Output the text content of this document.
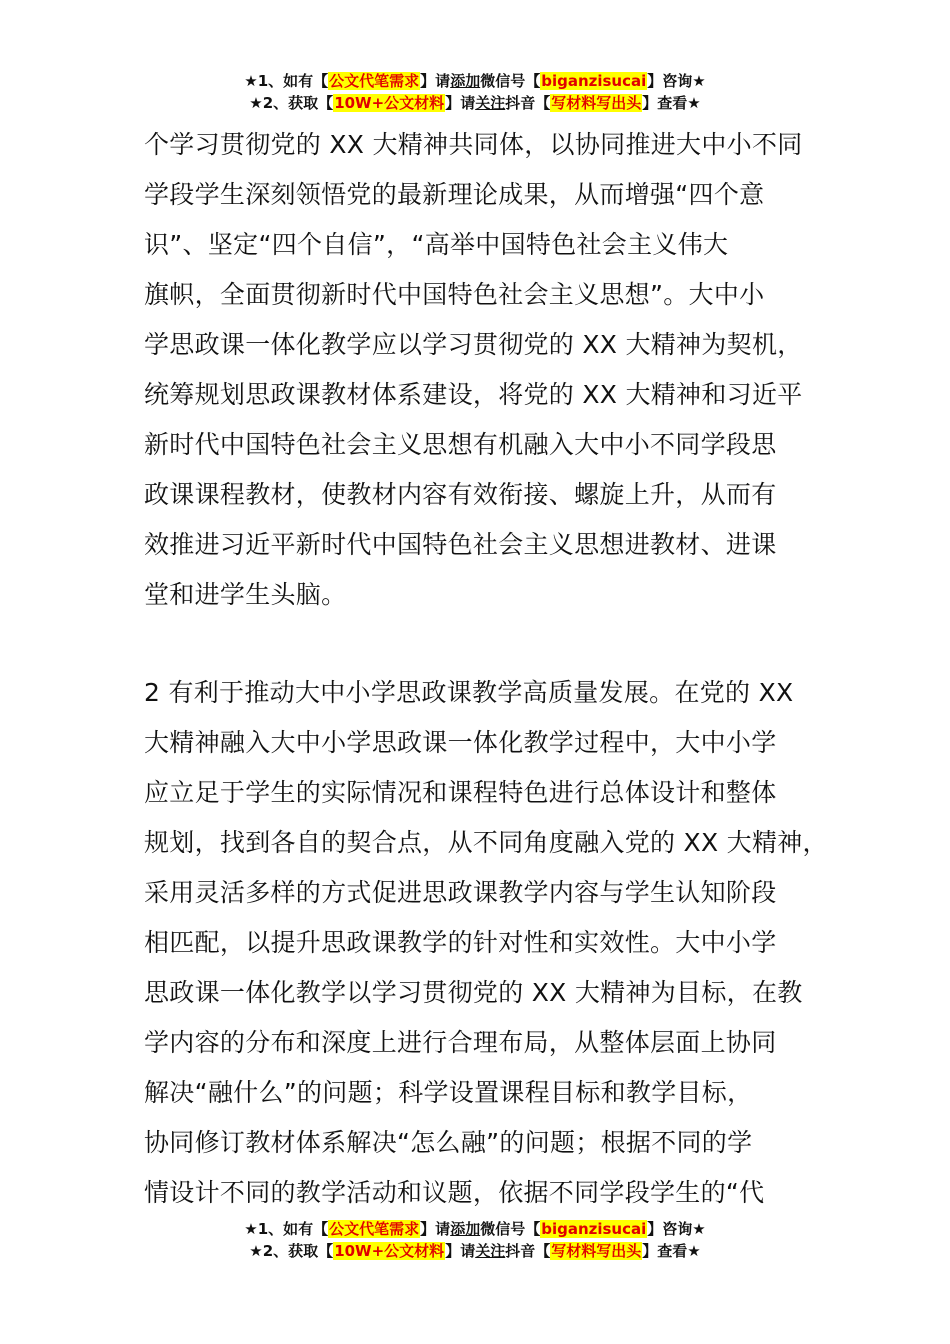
★1、如有【公文代笔需求】请添加微信号【biganzisucai】咨询★
★2、获取【10W+公文材料】请关注抖音【写材料写出头】查看★
个学习贯彻党的 XX 大精神共同体，以协同推进大中小不同
学段学生深刻领悟党的最新理论成果，从而增强“四个意
识”、坚定“四个自信”，“高举中国特色社会主义伟大
旗帜，全面贯彻新时代中国特色社会主义思想”。大中小
学思政课一体化教学应以学习贯彻党的 XX 大精神为契机，
统筹规划思政课教材体系建设，将党的 XX 大精神和习近平
新时代中国特色社会主义思想有机融入大中小不同学段思
政课课程教材，使教材内容有效衔接、螺旋上升，从而有
效推进习近平新时代中国特色社会主义思想进教材、进课
堂和进学生头脑。
2 有利于推动大中小学思政课教学高质量发展。在党的 XX
大精神融入大中小学思政课一体化教学过程中，大中小学
应立足于学生的实际情况和课程特色进行总体设计和整体
规划，找到各自的契合点，从不同角度融入党的 XX 大精神，
采用灵活多样的方式促进思政课教学内容与学生认知阶段
相匹配，以提升思政课教学的针对性和实效性。大中小学
思政课一体化教学以学习贯彻党的 XX 大精神为目标，在教
学内容的分布和深度上进行合理布局，从整体层面上协同
解决“融什么”的问题；科学设置课程目标和教学目标，
协同修订教材体系解决“怎么融”的问题；根据不同的学
情设计不同的教学活动和议题，依据不同学段学生的“代
★1、如有【公文代笔需求】请添加微信号【biganzisucai】咨询★
★2、获取【10W+公文材料】请关注抖音【写材料写出头】查看★
